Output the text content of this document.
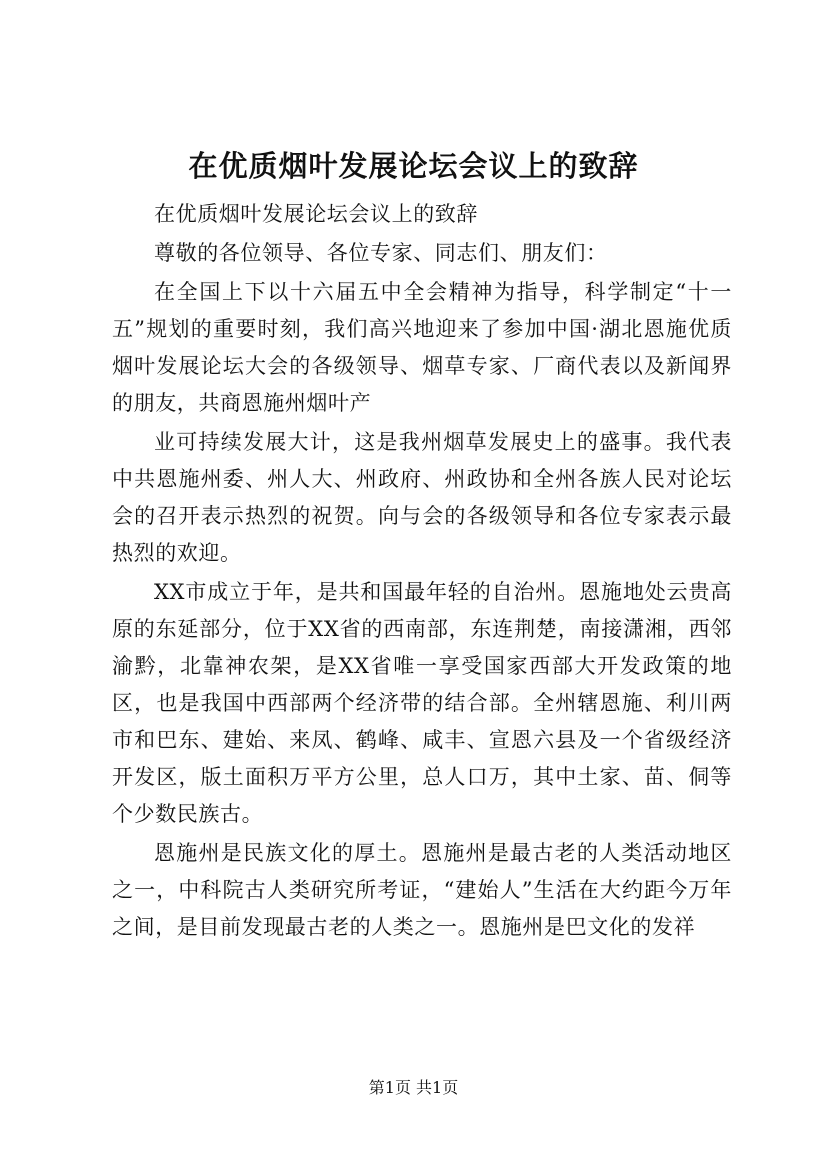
在优质烟叶发展论坛会议上的致辞

在优质烟叶发展论坛会议上的致辞

尊敬的各位领导、各位专家、同志们、朋友们：

在全国上下以十六届五中全会精神为指导，科学制定“十一五”规划的重要时刻，我们高兴地迎来了参加中国·湖北恩施优质烟叶发展论坛大会的各级领导、烟草专家、厂商代表以及新闻界的朋友，共商恩施州烟叶产

业可持续发展大计，这是我州烟草发展史上的盛事。我代表中共恩施州委、州人大、州政府、州政协和全州各族人民对论坛会的召开表示热烈的祝贺。向与会的各级领导和各位专家表示最热烈的欢迎。

XX市成立于年，是共和国最年轻的自治州。恩施地处云贵高原的东延部分，位于XX省的西南部，东连荆楚，南接潇湘，西邻渝黔，北靠神农架，是XX省唯一享受国家西部大开发政策的地区，也是我国中西部两个经济带的结合部。全州辖恩施、利川两市和巴东、建始、来凤、鹤峰、咸丰、宣恩六县及一个省级经济开发区，版土面积万平方公里，总人口万，其中土家、苗、侗等个少数民族古。

恩施州是民族文化的厚土。恩施州是最古老的人类活动地区之一，中科院古人类研究所考证，“建始人”生活在大约距今万年之间，是目前发现最古老的人类之一。恩施州是巴文化的发祥

第1页 共1页
